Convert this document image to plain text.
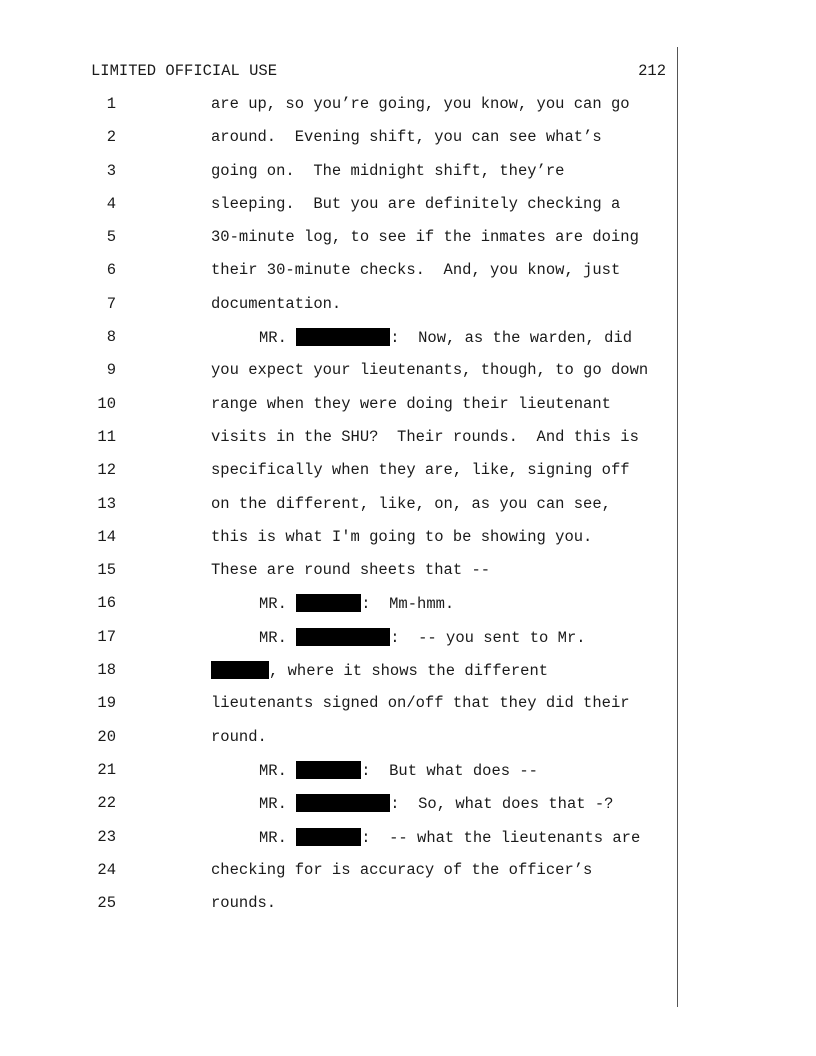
LIMITED OFFICIAL USE	212
1	are up, so you’re going, you know, you can go
2	around.  Evening shift, you can see what’s
3	going on.  The midnight shift, they’re
4	sleeping.  But you are definitely checking a
5	30-minute log, to see if the inmates are doing
6	their 30-minute checks.  And, you know, just
7	documentation.
8	MR.	:  Now, as the warden, did
9	you expect your lieutenants, though, to go down
10	range when they were doing their lieutenant
11	visits in the SHU?  Their rounds.  And this is
12	specifically when they are, like, signing off
13	on the different, like, on, as you can see,
14	this is what I'm going to be showing you.
15	These are round sheets that --
16	MR.	:  Mm-hmm.
17	MR.	:  -- you sent to Mr.
18	, where it shows the different
19	lieutenants signed on/off that they did their
20	round.
21	MR.	:  But what does --
22	MR.	:  So, what does that -?
23	MR.	:  -- what the lieutenants are
24	checking for is accuracy of the officer’s
25	rounds.
